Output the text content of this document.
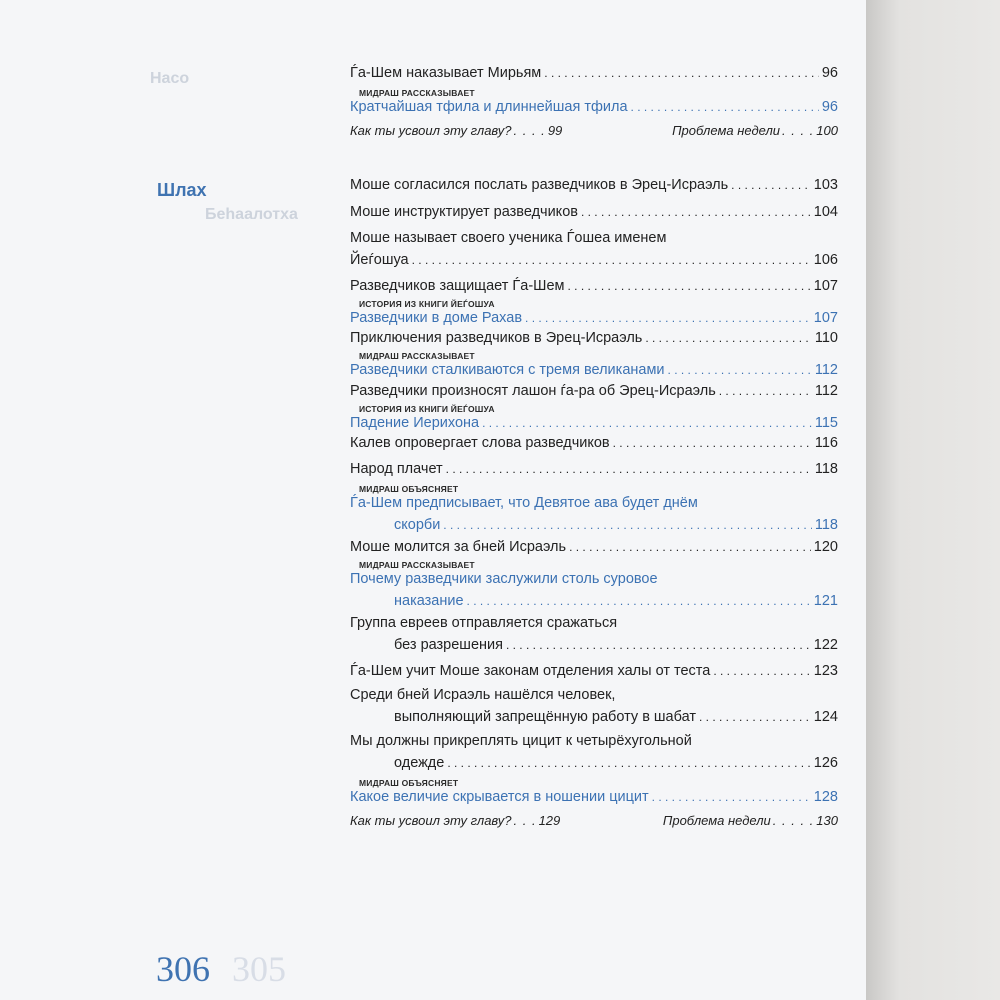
Насо
Беhaалотха
305
Шлах
Ѓа-Шем наказывает Мирьям . . .	96
МИДРАШ РАССКАЗЫВАЕТ
Кратчайшая тфила и длиннейшая тфила . . .	96
Как ты усвоил эту главу? . . . . 99	Проблема недели . . . . 100
Моше согласился послать разведчиков в Эрец-Исраэль . . .	103
Моше инструктирует разведчиков . . .	104
Моше называет своего ученика Ѓошеа именем
Йеѓошуа . . .	106
Разведчиков защищает Ѓа-Шем . . .	107
ИСТОРИЯ ИЗ КНИГИ ЙЕЃОШУА
Разведчики в доме Рахав . . .	107
Приключения разведчиков в Эрец-Исраэль . . .	110
МИДРАШ РАССКАЗЫВАЕТ
Разведчики сталкиваются с тремя великанами . . .	112
Разведчики произносят лашон ѓа-ра об Эрец-Исраэль . . .	112
ИСТОРИЯ ИЗ КНИГИ ЙЕЃОШУА
Падение Иерихона . . .	115
Калев опровергает слова разведчиков . . .	116
Народ плачет . . .	118
МИДРАШ ОБЪЯСНЯЕТ
Ѓа-Шем предписывает, что Девятое ава будет днём
скорби . . .	118
Моше молится за бней Исраэль . . .	120
МИДРАШ РАССКАЗЫВАЕТ
Почему разведчики заслужили столь суровое
наказание . . .	121
Группа евреев отправляется сражаться
без разрешения . . .	122
Ѓа-Шем учит Моше законам отделения халы от теста . . .	123
Среди бней Исраэль нашёлся человек,
выполняющий запрещённую работу в шабат . . .	124
Мы должны прикреплять цицит к четырёхугольной
одежде . . .	126
МИДРАШ ОБЪЯСНЯЕТ
Какое величие скрывается в ношении цицит . . .	128
Как ты усвоил эту главу? . . . 129	Проблема недели . . . . . 130
306
